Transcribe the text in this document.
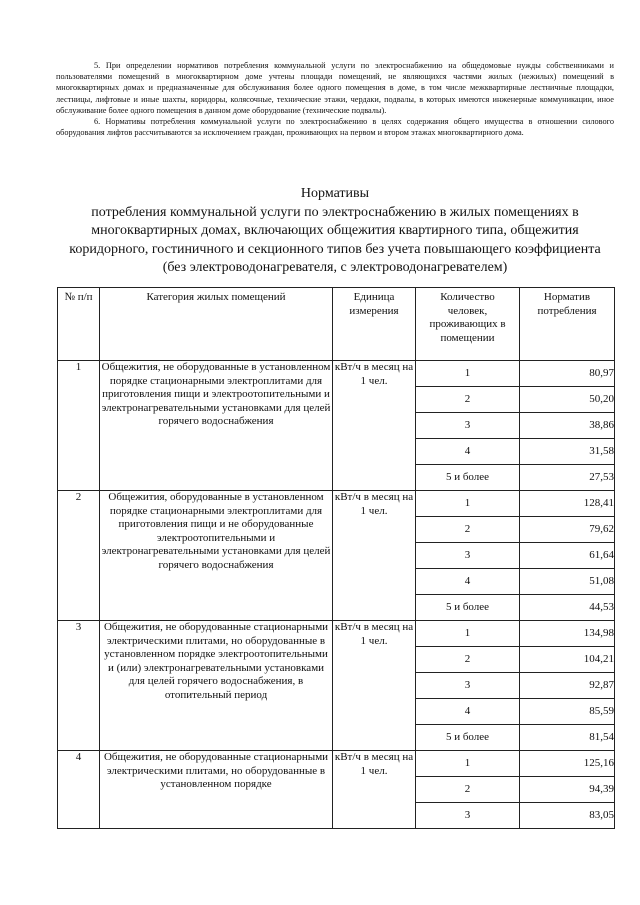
5. При определении нормативов потребления коммунальной услуги по электроснабжению на общедомовые нужды собственниками и пользователями помещений в многоквартирном доме учтены площади помещений, не являющихся частями жилых (нежилых) помещений в многоквартирных домах и предназначенные для обслуживания более одного помещения в доме, в том числе межквартирные лестничные площадки, лестницы, лифтовые и иные шахты, коридоры, колясочные, технические этажи, чердаки, подвалы, в которых имеются инженерные коммуникации, иное обслуживание более одного помещения в данном доме оборудование (технические подвалы).

6. Нормативы потребления коммунальной услуги по электроснабжению в целях содержания общего имущества в отношении силового оборудования лифтов рассчитываются за исключением граждан, проживающих на первом и втором этажах многоквартирного дома.

Нормативы
потребления коммунальной услуги по электроснабжению в жилых помещениях в многоквартирных домах, включающих общежития квартирного типа, общежития коридорного, гостиничного и секционного типов без учета повышающего коэффициента (без электроводонагревателя, с электроводонагревателем)
№ п/п	Категория жилых помещений	Единица измерения	Количество человек, проживающих в помещении	Норматив потребления
1	Общежития, не оборудованные в установленном порядке стационарными электроплитами для приготовления пищи и электроотопительными и электронагревательными установками для целей горячего водоснабжения	кВт/ч в месяц на 1 чел.	1	80,97
			2	50,20
			3	38,86
			4	31,58
			5 и более	27,53
2	Общежития, оборудованные в установленном порядке стационарными электроплитами для приготовления пищи и не оборудованные электроотопительными и электронагревательными установками для целей горячего водоснабжения	кВт/ч в месяц на 1 чел.	1	128,41
			2	79,62
			3	61,64
			4	51,08
			5 и более	44,53
3	Общежития, не оборудованные стационарными электрическими плитами, но оборудованные в установленном порядке электроотопительными и (или) электронагревательными установками для целей горячего водоснабжения, в отопительный период	кВт/ч в месяц на 1 чел.	1	134,98
			2	104,21
			3	92,87
			4	85,59
			5 и более	81,54
4	Общежития, не оборудованные стационарными электрическими плитами, но оборудованные в установленном порядке	кВт/ч в месяц на 1 чел.	1	125,16
			2	94,39
			3	83,05
